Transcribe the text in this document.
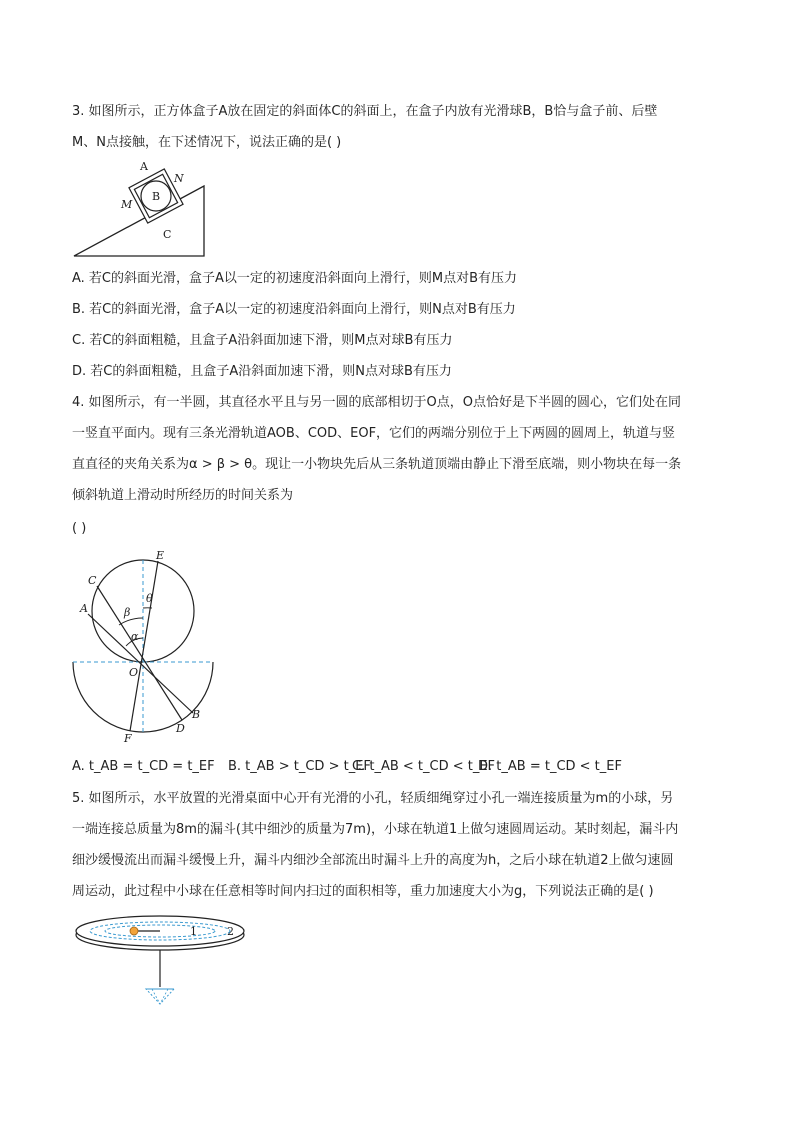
3. 如图所示，正方体盒子A放在固定的斜面体C的斜面上，在盒子内放有光滑球B，B恰与盒子前、后壁
M、N点接触，在下述情况下，说法正确的是( )
B
A
N
M
C
A. 若C的斜面光滑，盒子A以一定的初速度沿斜面向上滑行，则M点对B有压力
B. 若C的斜面光滑，盒子A以一定的初速度沿斜面向上滑行，则N点对B有压力
C. 若C的斜面粗糙，且盒子A沿斜面加速下滑，则M点对球B有压力
D. 若C的斜面粗糙，且盒子A沿斜面加速下滑，则N点对球B有压力
4. 如图所示，有一半圆，其直径水平且与另一圆的底部相切于O点，O点恰好是下半圆的圆心，它们处在同
一竖直平面内。现有三条光滑轨道AOB、COD、EOF，它们的两端分别位于上下两圆的圆周上，轨道与竖
直直径的夹角关系为α > β > θ。现让一小物块先后从三条轨道顶端由静止下滑至底端，则小物块在每一条
倾斜轨道上滑动时所经历的时间关系为
( )
E
C
A
θ
β
α
O
B
D
F
A. t_AB = t_CD = t_EF B. t_AB > t_CD > t_EF
C. t_AB < t_CD < t_EF
D. t_AB = t_CD < t_EF
5. 如图所示，水平放置的光滑桌面中心开有光滑的小孔，轻质细绳穿过小孔一端连接质量为m的小球，另
一端连接总质量为8m的漏斗(其中细沙的质量为7m)，小球在轨道1上做匀速圆周运动。某时刻起，漏斗内
细沙缓慢流出而漏斗缓慢上升，漏斗内细沙全部流出时漏斗上升的高度为h，之后小球在轨道2上做匀速圆
周运动，此过程中小球在任意相等时间内扫过的面积相等，重力加速度大小为g，下列说法正确的是( )
1	2
